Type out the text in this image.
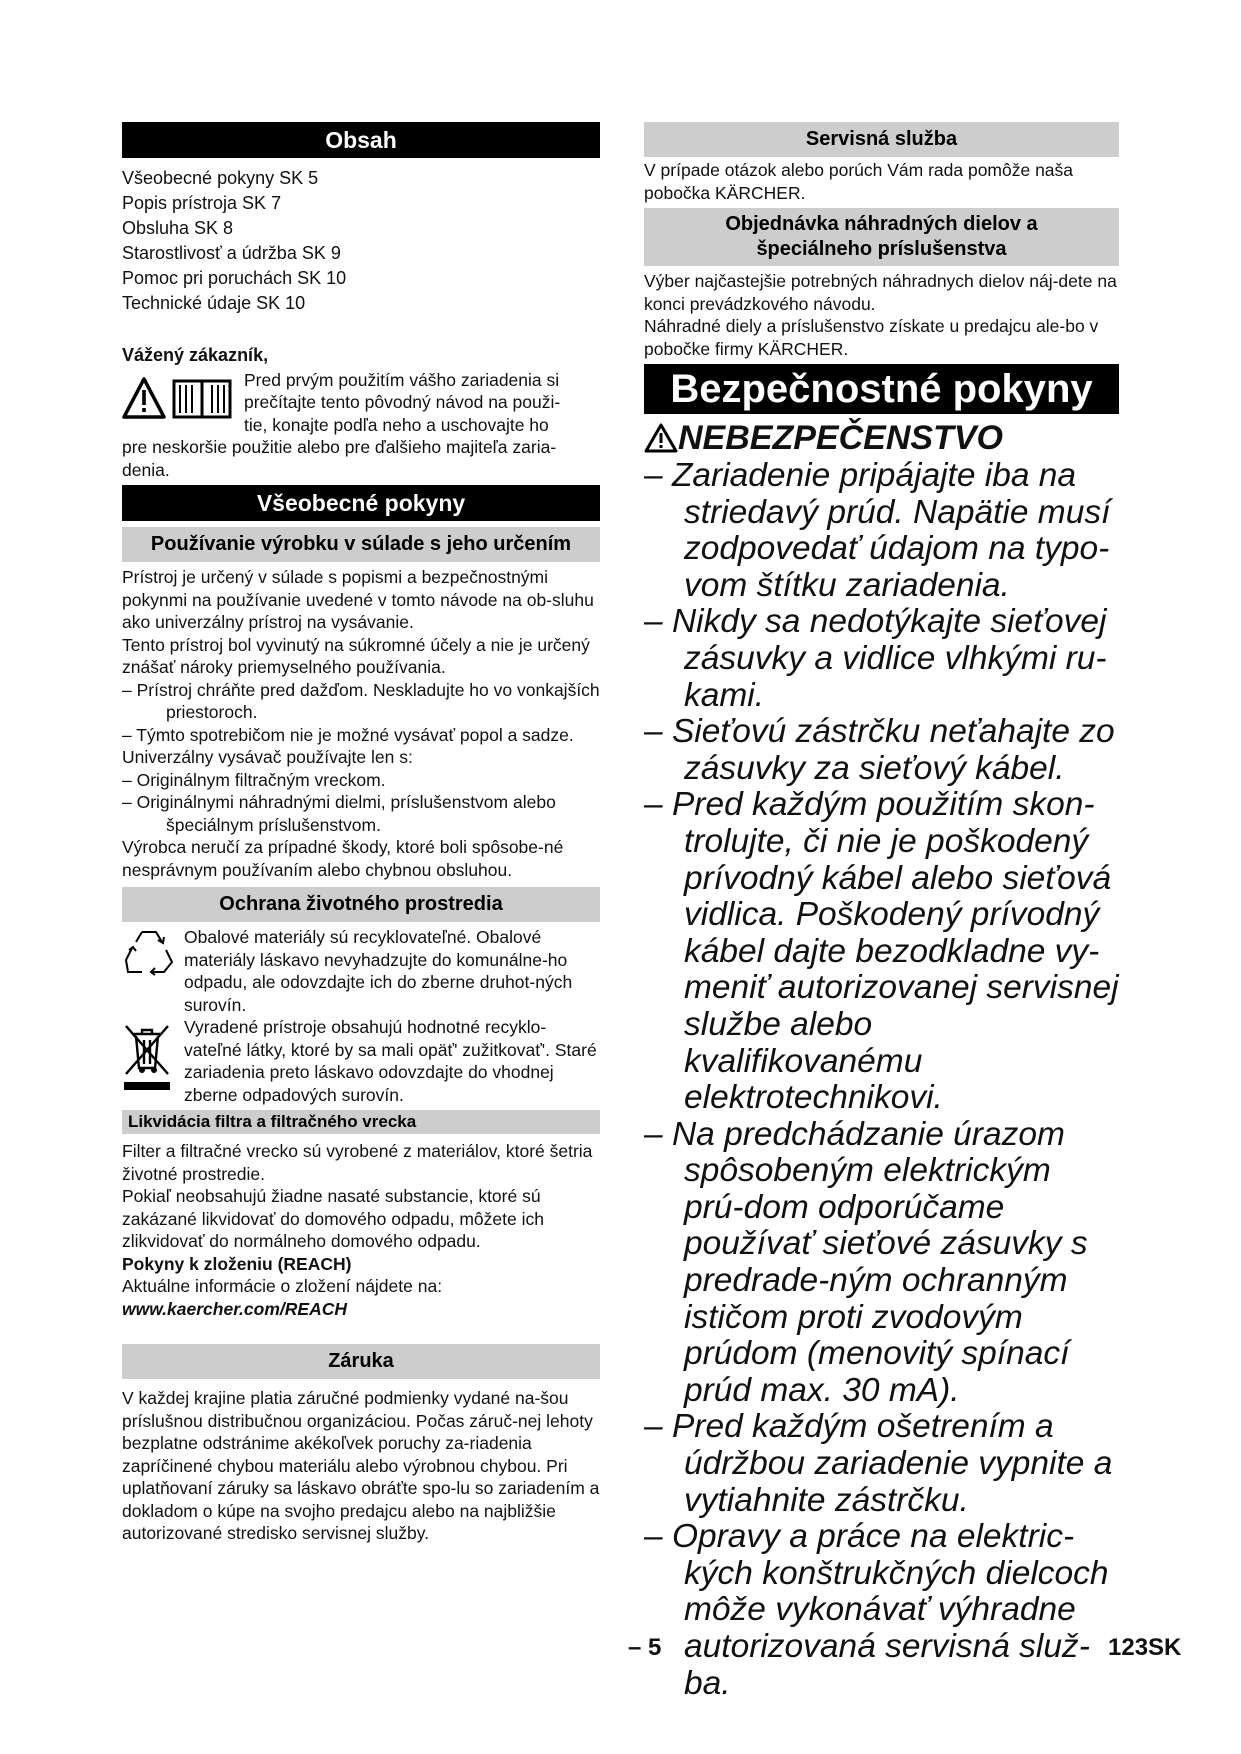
Obsah
Všeobecné pokyny SK 5
Popis prístroja SK 7
Obsluha SK 8
Starostlivosť a údržba SK 9
Pomoc pri poruchách SK 10
Technické údaje SK 10
Vážený zákazník,
Pred prvým použitím vášho zariadenia si
prečítajte tento pôvodný návod na použi-
tie, konajte podľa neho a uschovajte ho
pre neskoršie použitie alebo pre ďalšieho majiteľa zaria-denia.
Všeobecné pokyny
Používanie výrobku v súlade s jeho určením
Prístroj je určený v súlade s popismi a bezpečnostnými pokynmi na používanie uvedené v tomto návode na ob-sluhu ako univerzálny prístroj na vysávanie.
Tento prístroj bol vyvinutý na súkromné účely a nie je určený znášať nároky priemyselného používania.
– Prístroj chráňte pred dažďom. Neskladujte ho vo vonkajších priestoroch.
– Týmto spotrebičom nie je možné vysávať popol a sadze.
Univerzálny vysávač používajte len s:
– Originálnym filtračným vreckom.
– Originálnymi náhradnými dielmi, príslušenstvom alebo špeciálnym príslušenstvom.
Výrobca neručí za prípadné škody, ktoré boli spôsobe-né nesprávnym používaním alebo chybnou obsluhou.
Ochrana životného prostredia
Obalové materiály sú recyklovateľné. Obalové materiály láskavo nevyhadzujte do komunálne-ho odpadu, ale odovzdajte ich do zberne druhot-ných surovín.
Vyradené prístroje obsahujú hodnotné recyklo-vateľné látky, ktoré by sa mali opäť' zužitkovať'. Staré zariadenia preto láskavo odovzdajte do vhodnej zberne odpadových surovín.
Likvidácia filtra a filtračného vrecka
Filter a filtračné vrecko sú vyrobené z materiálov, ktoré šetria životné prostredie.
Pokiaľ neobsahujú žiadne nasaté substancie, ktoré sú zakázané likvidovať do domového odpadu, môžete ich zlikvidovať do normálneho domového odpadu.
Pokyny k zloženiu (REACH)
Aktuálne informácie o zložení nájdete na:
www.kaercher.com/REACH
Záruka
V každej krajine platia záručné podmienky vydané na-šou príslušnou distribučnou organizáciou. Počas záruč-nej lehoty bezplatne odstránime akékoľvek poruchy za-riadenia zapríčinené chybou materiálu alebo výrobnou chybou. Pri uplatňovaní záruky sa láskavo obráťte spo-lu so zariadením a dokladom o kúpe na svojho predajcu alebo na najbližšie autorizované stredisko servisnej služby.
Servisná služba
V prípade otázok alebo porúch Vám rada pomôže naša pobočka KÄRCHER.
Objednávka náhradných dielov a
špeciálneho príslušenstva
Výber najčastejšie potrebných náhradnych dielov náj-dete na konci prevádzkového návodu.
Náhradné diely a príslušenstvo získate u predajcu ale-bo v pobočke firmy KÄRCHER.
Bezpečnostné pokyny
NEBEZPEČENSTVO
– Zariadenie pripájajte iba na striedavý prúd. Napätie musí zodpovedať údajom na typo-vom štítku zariadenia.
– Nikdy sa nedotýkajte sieťovej zásuvky a vidlice vlhkými ru-kami.
– Sieťovú zástrčku neťahajte zo zásuvky za sieťový kábel.
– Pred každým použitím skon-trolujte, či nie je poškodený prívodný kábel alebo sieťová vidlica. Poškodený prívodný kábel dajte bezodkladne vy-meniť autorizovanej servisnej službe alebo kvalifikovanému elektrotechnikovi.
– Na predchádzanie úrazom spôsobeným elektrickým prú-dom odporúčame používať sieťové zásuvky s predrade-ným ochranným ističom proti zvodovým prúdom (menovitý spínací prúd max. 30 mA).
– Pred každým ošetrením a údržbou zariadenie vypnite a vytiahnite zástrčku.
– Opravy a práce na elektric-kých konštrukčných dielcoch môže vykonávať výhradne autorizovaná servisná služ-ba.
– 5	123SK
